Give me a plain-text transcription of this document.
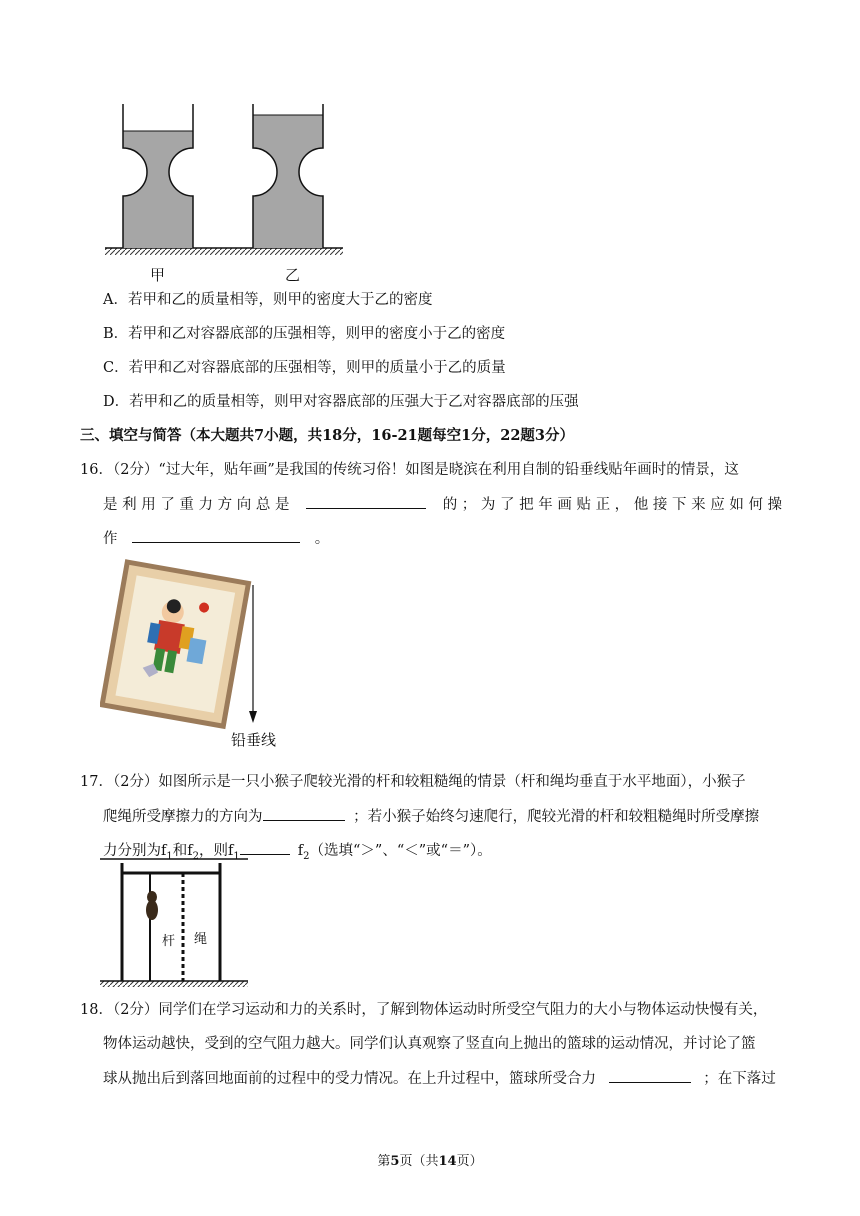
甲	乙
A．若甲和乙的质量相等，则甲的密度大于乙的密度
B．若甲和乙对容器底部的压强相等，则甲的密度小于乙的密度
C．若甲和乙对容器底部的压强相等，则甲的质量小于乙的质量
D．若甲和乙的质量相等，则甲对容器底部的压强大于乙对容器底部的压强
三、填空与简答（本大题共7小题，共18分，16-21题每空1分，22题3分）
16．（2分）“过大年，贴年画”是我国的传统习俗！如图是晓滨在利用自制的铅垂线贴年画时的情景，这
是 利 用 了 重 力 方 向 总 是	的 ； 为 了 把 年 画 贴 正 ， 他 接 下 来 应 如 何 操
作	。
铅垂线
17．（2分）如图所示是一只小猴子爬较光滑的杆和较粗糙绳的情景（杆和绳均垂直于水平地面），小猴子
爬绳所受摩擦力的方向为	；若小猴子始终匀速爬行，爬较光滑的杆和较粗糙绳时所受摩擦
力分别为$f_1$和$f_2$，则$f_1$	$f_2$（选填“＞”、“＜”或“＝”）。
杆 绳
18．（2分）同学们在学习运动和力的关系时，了解到物体运动时所受空气阻力的大小与物体运动快慢有关，
物体运动越快，受到的空气阻力越大。同学们认真观察了竖直向上抛出的篮球的运动情况，并讨论了篮
球从抛出后到落回地面前的过程中的受力情况。在上升过程中，篮球所受合力	；在下落过
第5页（共14页）
